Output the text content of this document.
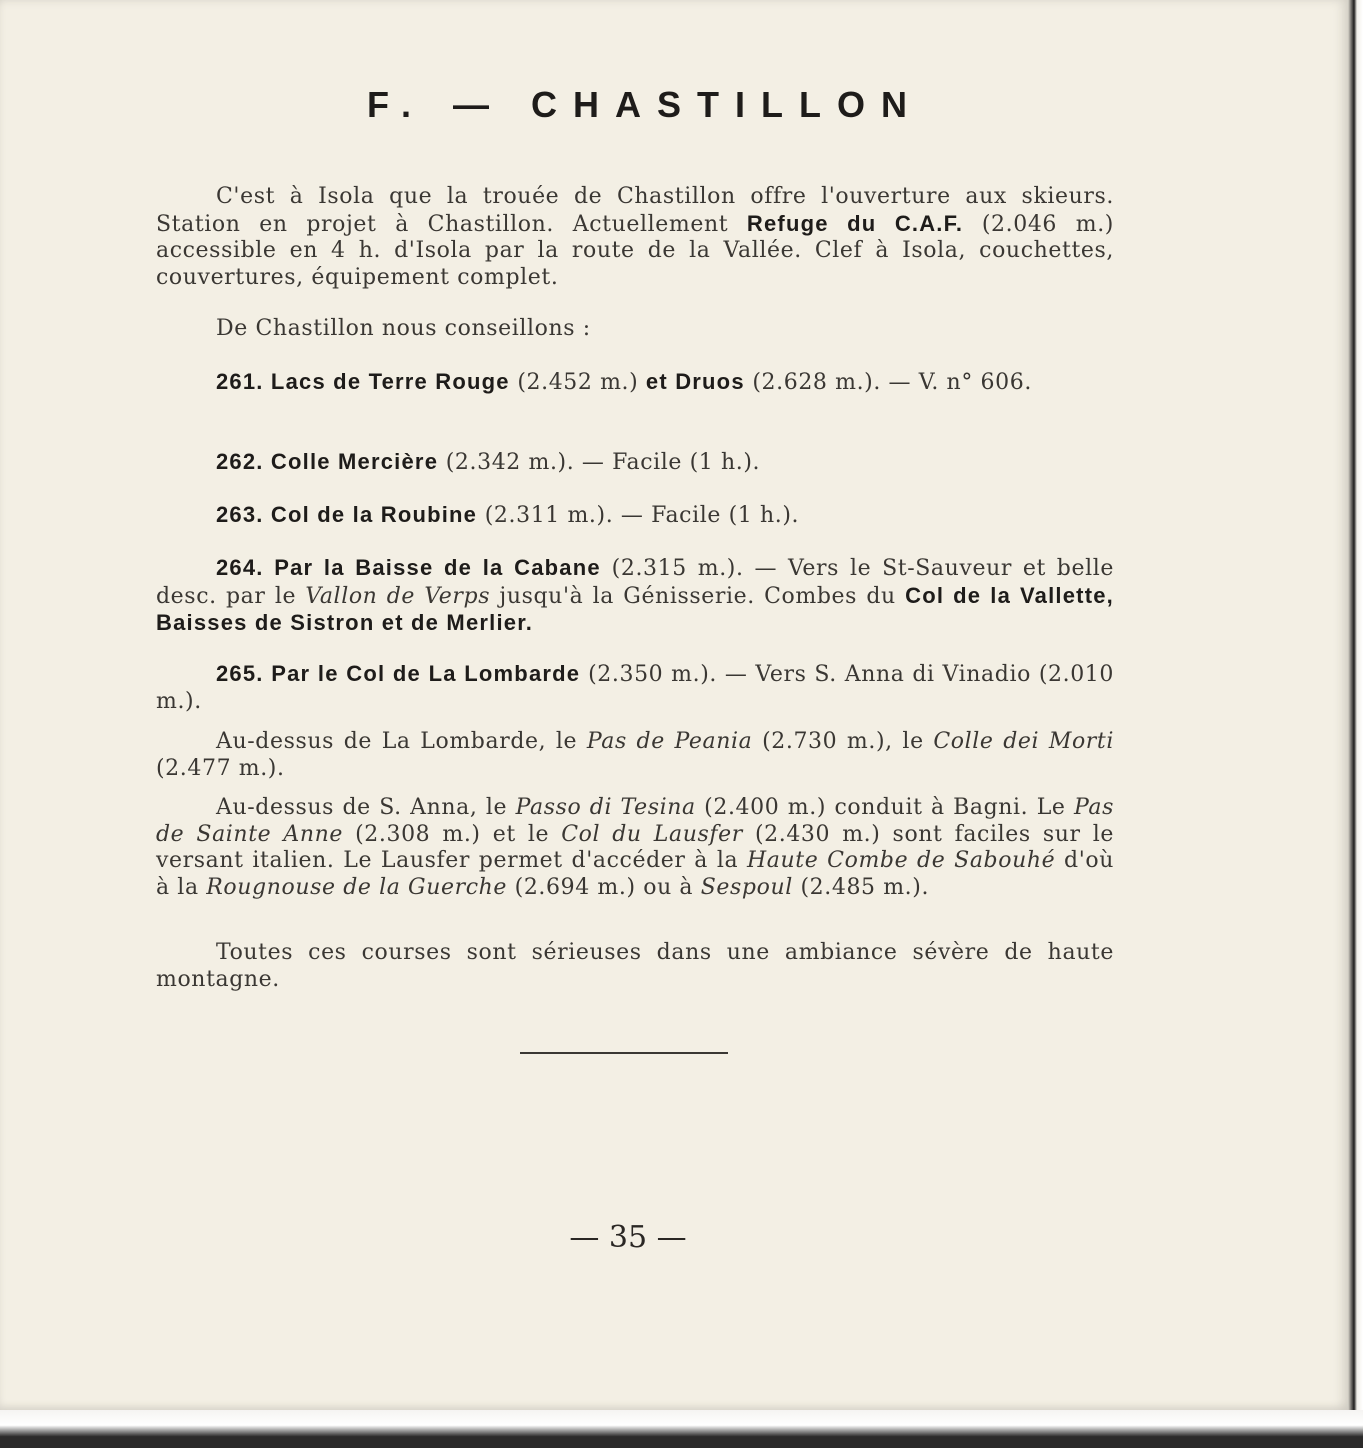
F. — CHASTILLON

C'est à Isola que la trouée de Chastillon offre l'ouverture aux skieurs. Station en projet à Chastillon. Actuellement Refuge du C.A.F. (2.046 m.) accessible en 4 h. d'Isola par la route de la Vallée. Clef à Isola, couchettes, couvertures, équipement complet.

De Chastillon nous conseillons :

261. Lacs de Terre Rouge (2.452 m.) et Druos (2.628 m.). — V. n° 606.

262. Colle Mercière (2.342 m.). — Facile (1 h.).

263. Col de la Roubine (2.311 m.). — Facile (1 h.).

264. Par la Baisse de la Cabane (2.315 m.). — Vers le St-Sauveur et belle desc. par le Vallon de Verps jusqu'à la Génisserie. Combes du Col de la Vallette, Baisses de Sistron et de Merlier.

265. Par le Col de La Lombarde (2.350 m.). — Vers S. Anna di Vinadio (2.010 m.).

Au-dessus de La Lombarde, le Pas de Peania (2.730 m.), le Colle dei Morti (2.477 m.).

Au-dessus de S. Anna, le Passo di Tesina (2.400 m.) conduit à Bagni. Le Pas de Sainte Anne (2.308 m.) et le Col du Lausfer (2.430 m.) sont faciles sur le versant italien. Le Lausfer permet d'accéder à la Haute Combe de Sabouhé d'où à la Rougnouse de la Guerche (2.694 m.) ou à Sespoul (2.485 m.).

Toutes ces courses sont sérieuses dans une ambiance sévère de haute montagne.

— 35 —
